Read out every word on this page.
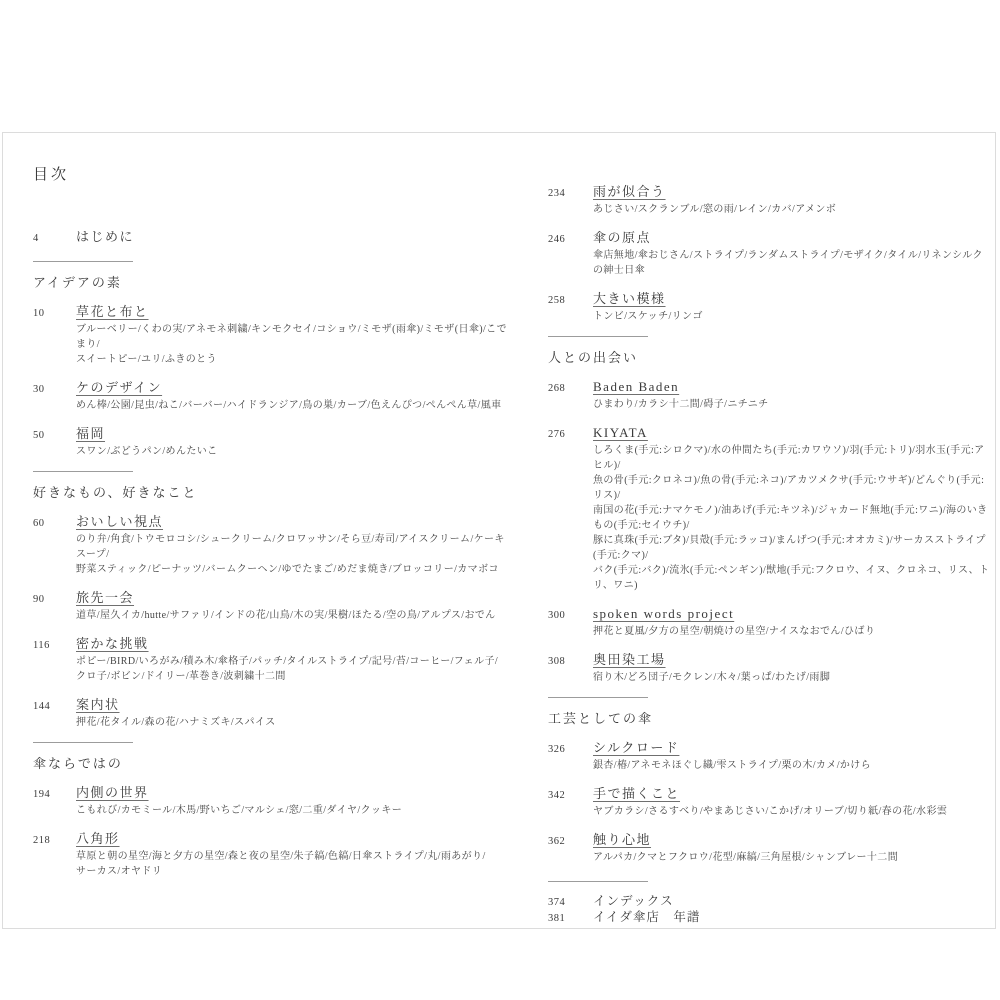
目次
4	はじめに
アイデアの素
10	草花と布と
ブルーベリー/くわの実/アネモネ刺繍/キンモクセイ/コショウ/ミモザ(雨傘)/ミモザ(日傘)/こでまり/
スイートピー/ユリ/ふきのとう
30	ケのデザイン
めん棒/公園/昆虫/ねこ/バーバー/ハイドランジア/鳥の巣/カーブ/色えんぴつ/ぺんぺん草/風車
50	福岡
スワン/ぶどうパン/めんたいこ
好きなもの、好きなこと
60	おいしい視点
のり弁/角食/トウモロコシ/シュークリーム/クロワッサン/そら豆/寿司/アイスクリーム/ケーキスープ/
野菜スティック/ピーナッツ/バームクーヘン/ゆでたまご/めだま焼き/ブロッコリー/カマボコ
90	旅先一会
道草/屋久イカ/hutte/サファリ/インドの花/山鳥/木の実/果樹/ほたる/空の鳥/アルプス/おでん
116	密かな挑戦
ポピー/BIRD/いろがみ/積み木/傘格子/パッチ/タイルストライプ/記号/苔/コーヒー/フェル子/
クロ子/ボビン/ドイリー/革巻き/波刺繍十二間
144	案内状
押花/花タイル/森の花/ハナミズキ/スパイス
傘ならではの
194	内側の世界
こもれび/カモミール/木馬/野いちご/マルシェ/窓/二重/ダイヤ/クッキー
218	八角形
草原と朝の星空/海と夕方の星空/森と夜の星空/朱子縞/色縞/日傘ストライプ/丸/雨あがり/
サーカス/オヤドリ
234	雨が似合う
あじさい/スクランブル/窓の雨/レイン/カバ/アメンボ
246	傘の原点
傘店無地/傘おじさん/ストライプ/ランダムストライプ/モザイク/タイル/リネンシルクの紳士日傘
258	大きい模様
トンビ/スケッチ/リンゴ
人との出会い
268	Baden Baden
ひまわり/カラシ十二間/碍子/ニチニチ
276	KIYATA
しろくま(手元:シロクマ)/水の仲間たち(手元:カワウソ)/羽(手元:トリ)/羽水玉(手元:アヒル)/
魚の骨(手元:クロネコ)/魚の骨(手元:ネコ)/アカツメクサ(手元:ウサギ)/どんぐり(手元:リス)/
南国の花(手元:ナマケモノ)/油あげ(手元:キツネ)/ジャカード無地(手元:ワニ)/海のいきもの(手元:セイウチ)/
豚に真珠(手元:ブタ)/貝殻(手元:ラッコ)/まんげつ(手元:オオカミ)/サーカスストライプ(手元:クマ)/
バク(手元:バク)/流氷(手元:ペンギン)/獣地(手元:フクロウ、イヌ、クロネコ、リス、トリ、ワニ)
300	spoken words project
押花と夏風/夕方の星空/朝焼けの星空/ナイスなおでん/ひばり
308	奥田染工場
宿り木/どろ団子/モクレン/木々/葉っぱ/わたげ/雨脚
工芸としての傘
326	シルクロード
銀杏/椿/アネモネほぐし織/雫ストライプ/栗の木/カメ/かけら
342	手で描くこと
ヤブカラシ/さるすべり/やまあじさい/こかげ/オリーブ/切り紙/春の花/水彩雲
362	触り心地
アルパカ/クマとフクロウ/花型/麻縞/三角屋根/シャンブレー十二間
374	インデックス
381	イイダ傘店　年譜
